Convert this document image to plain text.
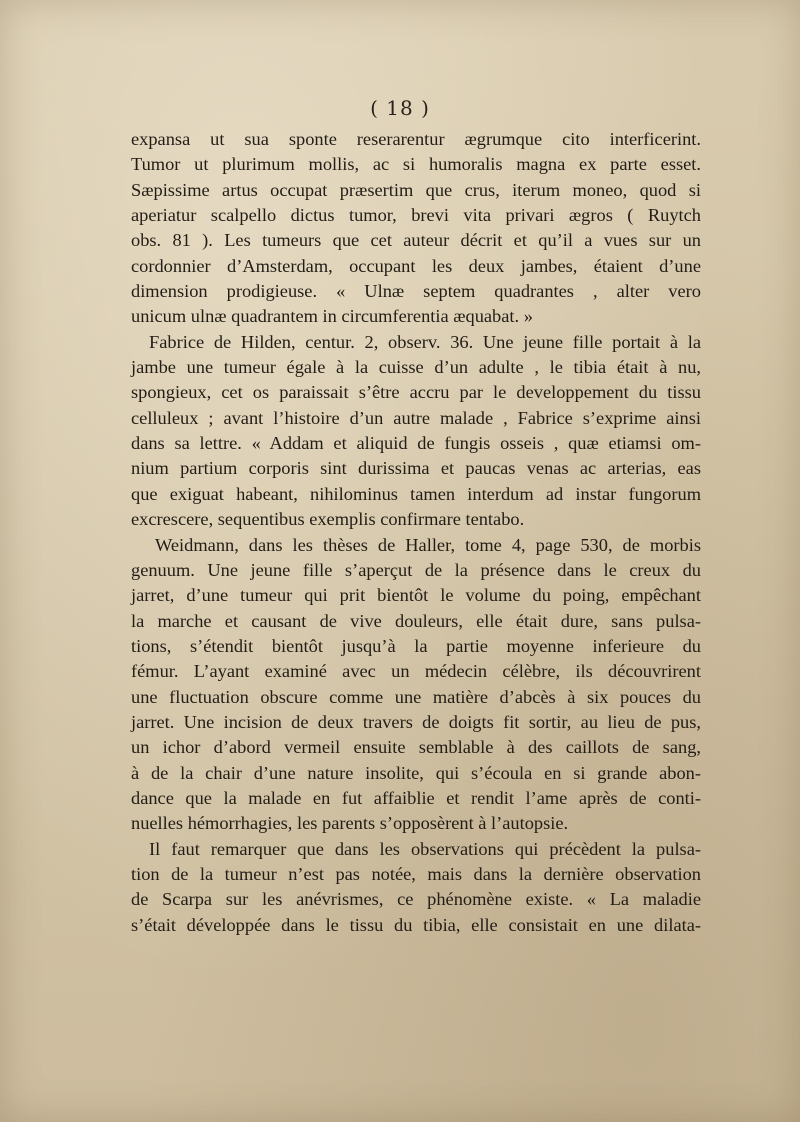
( 18 )
expansa ut sua sponte reserarentur ægrumque cito interficerint.
Tumor ut plurimum mollis, ac si humoralis magna ex parte esset.
Sæpissime artus occupat præsertim que crus, iterum moneo, quod si
aperiatur scalpello dictus tumor, brevi vita privari ægros ( Ruytch
obs. 81 ). Les tumeurs que cet auteur décrit et qu’il a vues sur un
cordonnier d’Amsterdam, occupant les deux jambes, étaient d’une
dimension prodigieuse. « Ulnæ septem quadrantes , alter vero
unicum ulnæ quadrantem in circumferentia æquabat. »
Fabrice de Hilden, centur. 2, observ. 36. Une jeune fille portait à la
jambe une tumeur égale à la cuisse d’un adulte , le tibia était à nu,
spongieux, cet os paraissait s’être accru par le developpement du tissu
celluleux ; avant l’histoire d’un autre malade , Fabrice s’exprime ainsi
dans sa lettre. « Addam et aliquid de fungis osseis , quæ etiamsi om-
nium partium corporis sint durissima et paucas venas ac arterias, eas
que exiguat habeant, nihilominus tamen interdum ad instar fungorum
excrescere, sequentibus exemplis confirmare tentabo.
Weidmann, dans les thèses de Haller, tome 4, page 530, de morbis
genuum. Une jeune fille s’aperçut de la présence dans le creux du
jarret, d’une tumeur qui prit bientôt le volume du poing, empêchant
la marche et causant de vive douleurs, elle était dure, sans pulsa-
tions, s’étendit bientôt jusqu’à la partie moyenne inferieure du
fémur. L’ayant examiné avec un médecin célèbre, ils découvrirent
une fluctuation obscure comme une matière d’abcès à six pouces du
jarret. Une incision de deux travers de doigts fit sortir, au lieu de pus,
un ichor d’abord vermeil ensuite semblable à des caillots de sang,
à de la chair d’une nature insolite, qui s’écoula en si grande abon-
dance que la malade en fut affaiblie et rendit l’ame après de conti-
nuelles hémorrhagies, les parents s’opposèrent à l’autopsie.
Il faut remarquer que dans les observations qui précèdent la pulsa-
tion de la tumeur n’est pas notée, mais dans la dernière observation
de Scarpa sur les anévrismes, ce phénomène existe. « La maladie
s’était développée dans le tissu du tibia, elle consistait en une dilata-
